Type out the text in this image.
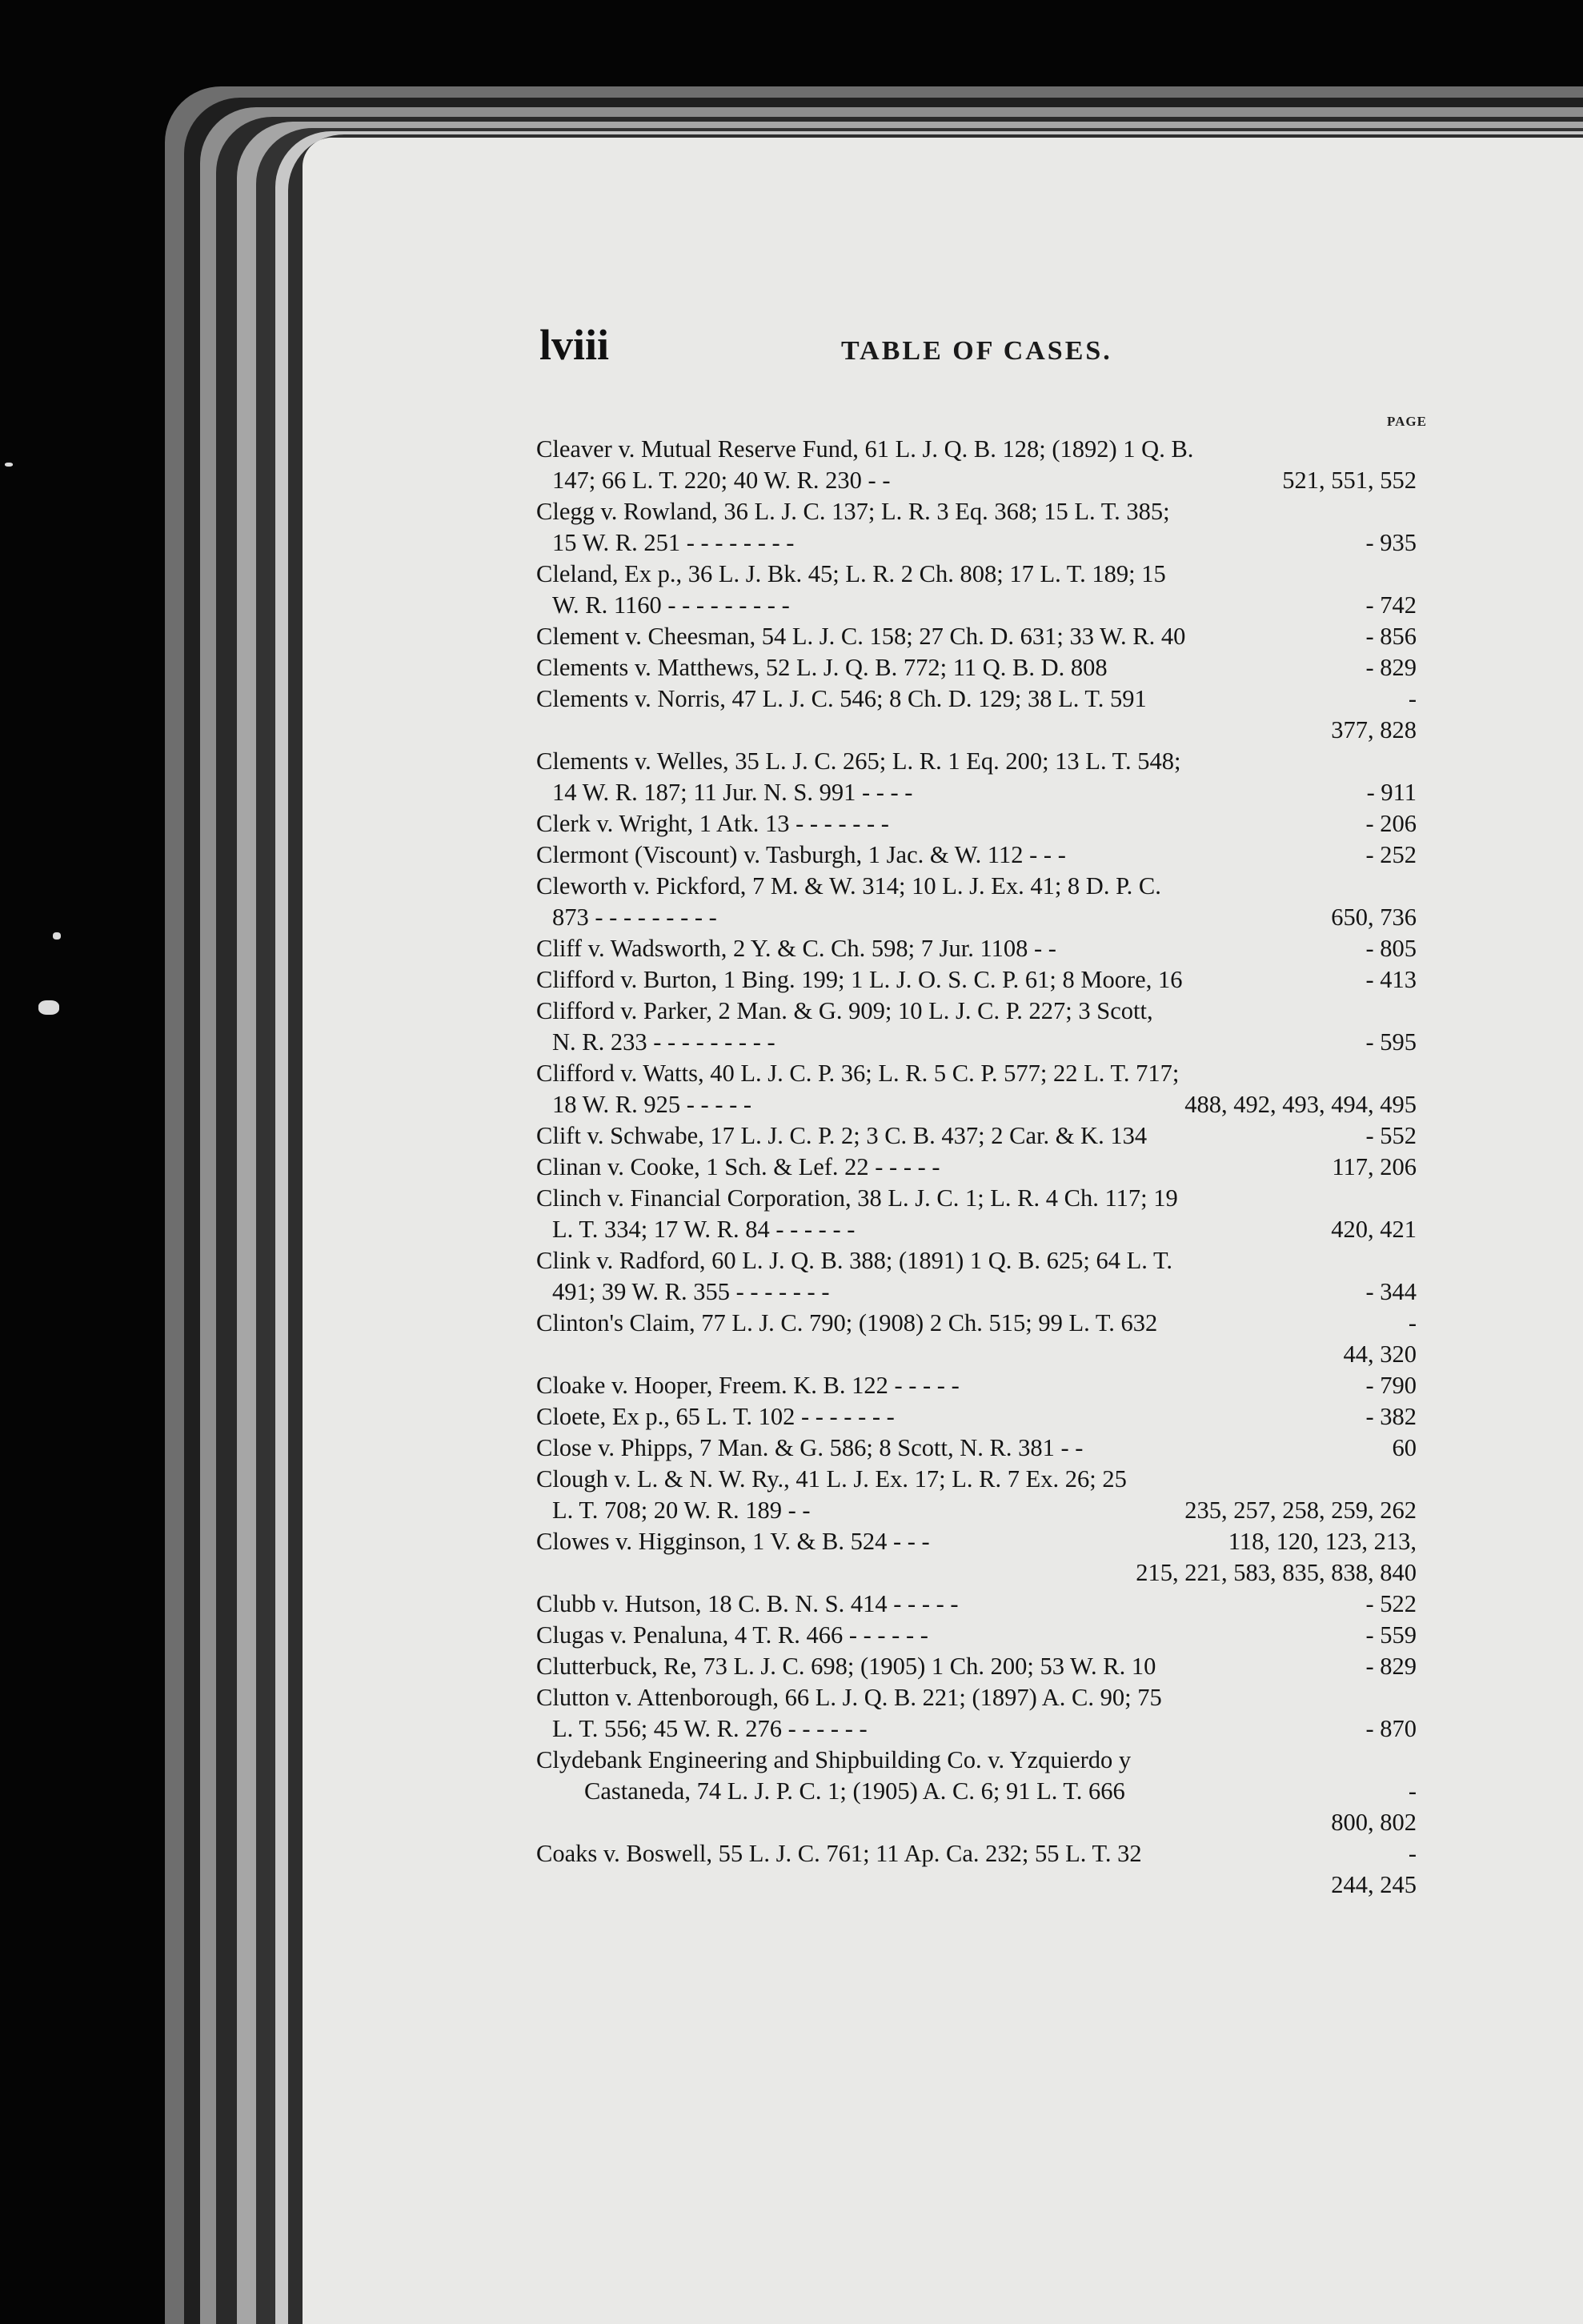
lviii	TABLE OF CASES.
PAGE
Cleaver v. Mutual Reserve Fund, 61 L. J. Q. B. 128; (1892) 1 Q. B.
147; 66 L. T. 220; 40 W. R. 230 - -	521, 551, 552
Clegg v. Rowland, 36 L. J. C. 137; L. R. 3 Eq. 368; 15 L. T. 385;
15 W. R. 251 - - - - - - - -	- 935
Cleland, Ex p., 36 L. J. Bk. 45; L. R. 2 Ch. 808; 17 L. T. 189; 15
W. R. 1160 - - - - - - - - -	- 742
Clement v. Cheesman, 54 L. J. C. 158; 27 Ch. D. 631; 33 W. R. 40	- 856
Clements v. Matthews, 52 L. J. Q. B. 772; 11 Q. B. D. 808	- 829
Clements v. Norris, 47 L. J. C. 546; 8 Ch. D. 129; 38 L. T. 591	-
377, 828
Clements v. Welles, 35 L. J. C. 265; L. R. 1 Eq. 200; 13 L. T. 548;
14 W. R. 187; 11 Jur. N. S. 991 - - - -	- 911
Clerk v. Wright, 1 Atk. 13 - - - - - - -	- 206
Clermont (Viscount) v. Tasburgh, 1 Jac. & W. 112 - - -	- 252
Cleworth v. Pickford, 7 M. & W. 314; 10 L. J. Ex. 41; 8 D. P. C.
873 - - - - - - - - -	650, 736
Cliff v. Wadsworth, 2 Y. & C. Ch. 598; 7 Jur. 1108 - -	- 805
Clifford v. Burton, 1 Bing. 199; 1 L. J. O. S. C. P. 61; 8 Moore, 16	- 413
Clifford v. Parker, 2 Man. & G. 909; 10 L. J. C. P. 227; 3 Scott,
N. R. 233 - - - - - - - - -	- 595
Clifford v. Watts, 40 L. J. C. P. 36; L. R. 5 C. P. 577; 22 L. T. 717;
18 W. R. 925 - - - - -	488, 492, 493, 494, 495
Clift v. Schwabe, 17 L. J. C. P. 2; 3 C. B. 437; 2 Car. & K. 134	- 552
Clinan v. Cooke, 1 Sch. & Lef. 22 - - - - -	117, 206
Clinch v. Financial Corporation, 38 L. J. C. 1; L. R. 4 Ch. 117; 19
L. T. 334; 17 W. R. 84 - - - - - -	420, 421
Clink v. Radford, 60 L. J. Q. B. 388; (1891) 1 Q. B. 625; 64 L. T.
491; 39 W. R. 355 - - - - - - -	- 344
Clinton's Claim, 77 L. J. C. 790; (1908) 2 Ch. 515; 99 L. T. 632	-
44, 320
Cloake v. Hooper, Freem. K. B. 122 - - - - -	- 790
Cloete, Ex p., 65 L. T. 102 - - - - - - -	- 382
Close v. Phipps, 7 Man. & G. 586; 8 Scott, N. R. 381 - -	60
Clough v. L. & N. W. Ry., 41 L. J. Ex. 17; L. R. 7 Ex. 26; 25
L. T. 708; 20 W. R. 189 - -	235, 257, 258, 259, 262
Clowes v. Higginson, 1 V. & B. 524 - - -	118, 120, 123, 213,
215, 221, 583, 835, 838, 840
Clubb v. Hutson, 18 C. B. N. S. 414 - - - - -	- 522
Clugas v. Penaluna, 4 T. R. 466 - - - - - -	- 559
Clutterbuck, Re, 73 L. J. C. 698; (1905) 1 Ch. 200; 53 W. R. 10	- 829
Clutton v. Attenborough, 66 L. J. Q. B. 221; (1897) A. C. 90; 75
L. T. 556; 45 W. R. 276 - - - - - -	- 870
Clydebank Engineering and Shipbuilding Co. v. Yzquierdo y
Castaneda, 74 L. J. P. C. 1; (1905) A. C. 6; 91 L. T. 666	-
800, 802
Coaks v. Boswell, 55 L. J. C. 761; 11 Ap. Ca. 232; 55 L. T. 32	-
244, 245
